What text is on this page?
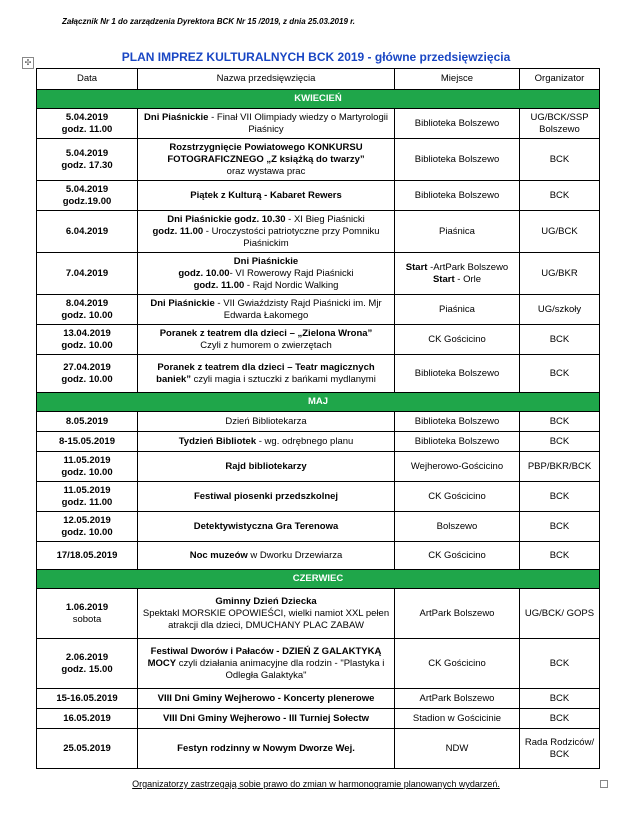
Załącznik Nr 1 do zarządzenia Dyrektora BCK Nr 15 /2019, z dnia 25.03.2019 r.
✣	PLAN IMPREZ KULTURALNYCH BCK 2019 - główne przedsięwzięcia
Data	Nazwa przedsięwzięcia	Miejsce	Organizator
KWIECIEŃ			
5.04.2019
godz. 11.00	Dni Piaśnickie - Finał VII Olimpiady wiedzy o Martyrologii Piaśnicy	Biblioteka Bolszewo	UG/BCK/SSP Bolszewo
5.04.2019
godz. 17.30	Rozstrzygnięcie Powiatowego KONKURSU
FOTOGRAFICZNEGO „Z książką do twarzy”
oraz wystawa prac	Biblioteka Bolszewo	BCK
5.04.2019
godz.19.00	Piątek z Kulturą - Kabaret Rewers	Biblioteka Bolszewo	BCK
6.04.2019	Dni Piaśnickie godz. 10.30 - XI Bieg Piaśnicki
godz. 11.00 - Uroczystości patriotyczne przy Pomniku Piaśnickim	Piaśnica	UG/BCK
7.04.2019	Dni Piaśnickie
godz. 10.00- VI Rowerowy Rajd Piaśnicki
godz. 11.00 - Rajd Nordic Walking	Start -ArtPark Bolszewo
Start - Orle	UG/BKR
8.04.2019
godz. 10.00	Dni Piaśnickie - VII Gwiaździsty Rajd Piaśnicki im. Mjr Edwarda Łakomego	Piaśnica	UG/szkoły
13.04.2019
godz. 10.00	Poranek z teatrem dla dzieci – „Zielona Wrona”
Czyli z humorem o zwierzętach	CK Gościcino	BCK
27.04.2019
godz. 10.00	Poranek z teatrem dla dzieci – Teatr magicznych baniek” czyli magia i sztuczki z bańkami mydlanymi	Biblioteka Bolszewo	BCK
MAJ			
8.05.2019	Dzień Bibliotekarza	Biblioteka Bolszewo	BCK
8-15.05.2019	Tydzień Bibliotek - wg. odrębnego planu	Biblioteka Bolszewo	BCK
11.05.2019
godz. 10.00	Rajd bibliotekarzy	Wejherowo-Gościcino	PBP/BKR/BCK
11.05.2019
godz. 11.00	Festiwal piosenki przedszkolnej	CK Gościcino	BCK
12.05.2019
godz. 10.00	Detektywistyczna Gra Terenowa	Bolszewo	BCK
17/18.05.2019	Noc muzeów w Dworku Drzewiarza	CK Gościcino	BCK
CZERWIEC			
1.06.2019
sobota	Gminny Dzień Dziecka
Spektakl MORSKIE OPOWIEŚCI, wielki namiot XXL pełen atrakcji dla dzieci, DMUCHANY PLAC ZABAW	ArtPark Bolszewo	UG/BCK/ GOPS
2.06.2019
godz. 15.00	Festiwal Dworów i Pałaców - DZIEŃ Z GALAKTYKĄ MOCY czyli działania animacyjne dla rodzin - "Plastyka i Odległa Galaktyka"	CK Gościcino	BCK
15-16.05.2019	VIII Dni Gminy Wejherowo - Koncerty plenerowe	ArtPark Bolszewo	BCK
16.05.2019	VIII Dni Gminy Wejherowo - III Turniej Sołectw	Stadion w Gościcinie	BCK
25.05.2019	Festyn rodzinny w Nowym Dworze Wej.	NDW	Rada Rodziców/ BCK
Organizatorzy zastrzegają sobie prawo do zmian w harmonogramie planowanych wydarzeń.
